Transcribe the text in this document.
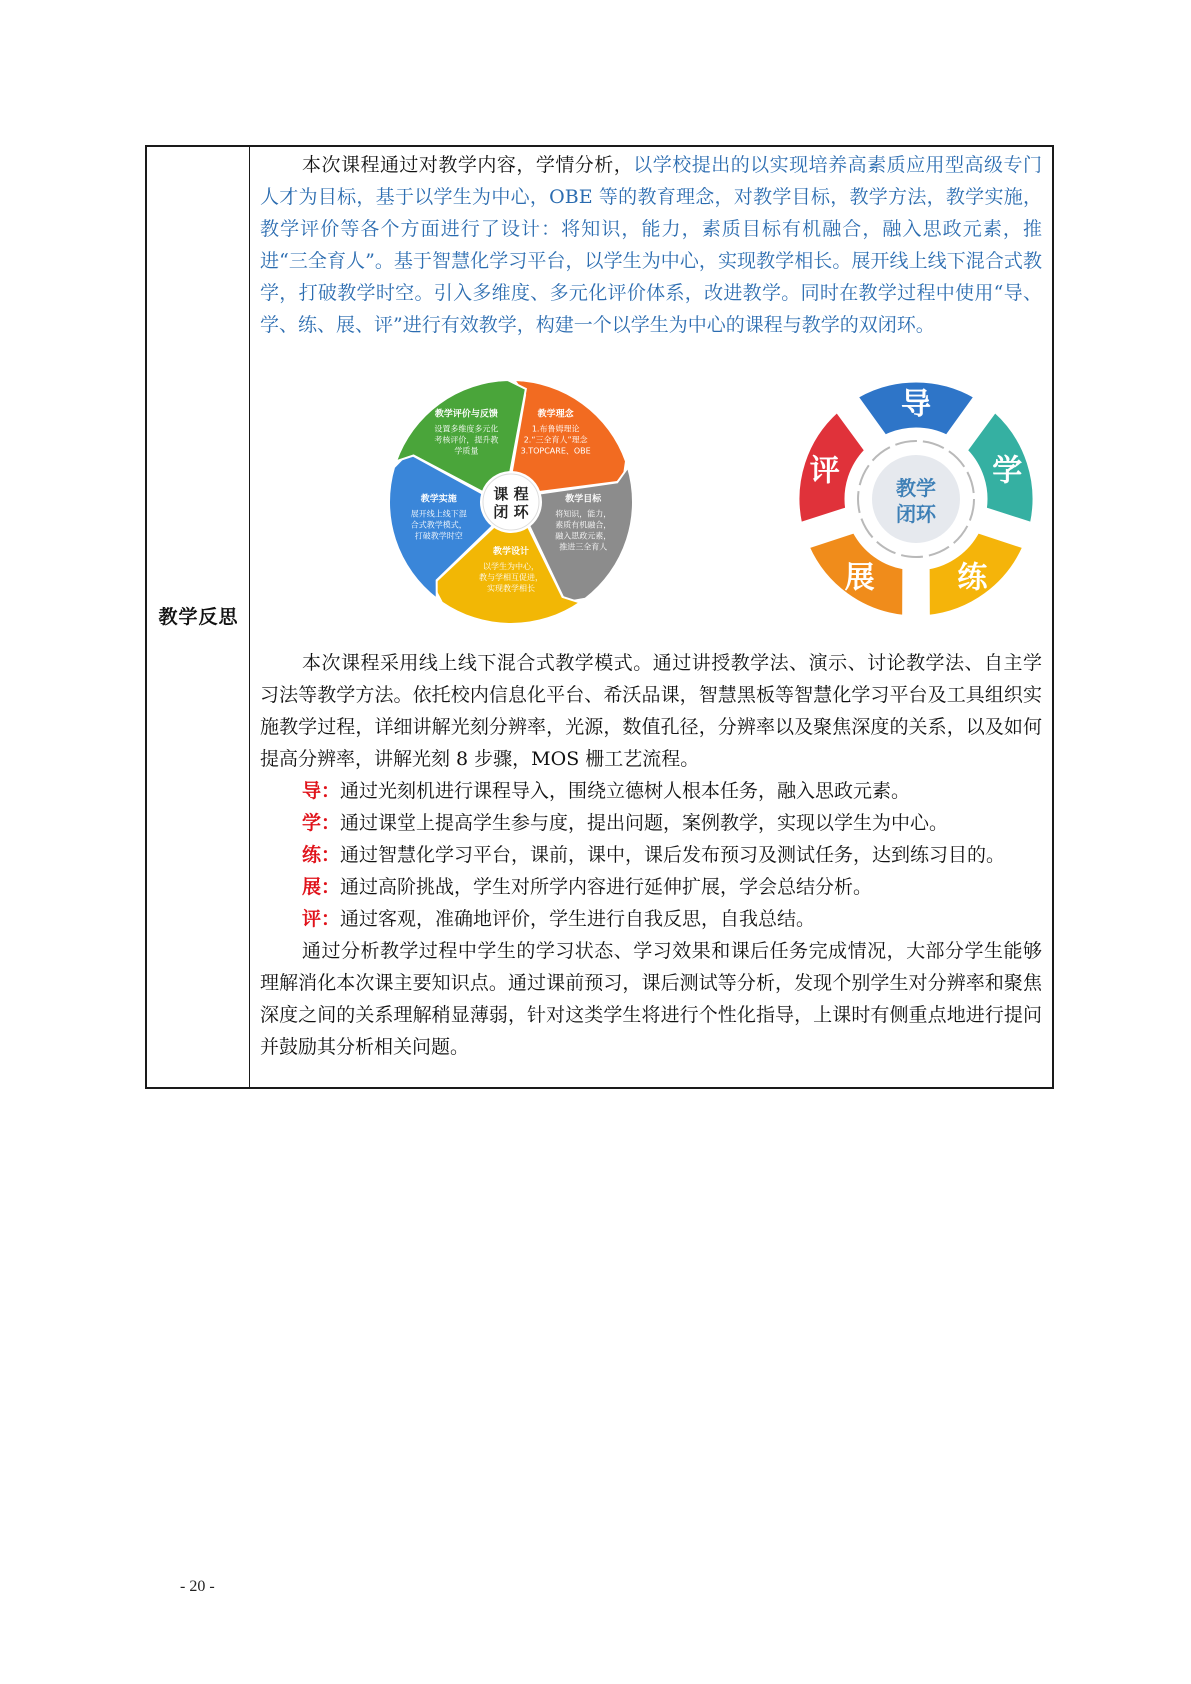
教学反思
本次课程通过对教学内容，学情分析，以学校提出的以实现培养高素质应用型高级专门人才为目标，基于以学生为中心，OBE 等的教育理念，对教学目标，教学方法，教学实施，教学评价等各个方面进行了设计：将知识，能力，素质目标有机融合，融入思政元素，推进“三全育人”。基于智慧化学习平台，以学生为中心，实现教学相长。展开线上线下混合式教学，打破教学时空。引入多维度、多元化评价体系，改进教学。同时在教学过程中使用“导、学、练、展、评”进行有效教学，构建一个以学生为中心的课程与教学的双闭环。
教学理念
1.布鲁姆理论
2.“三全育人”理念
3.TOPCARE、OBE
教学目标
将知识，能力，
素质有机融合，
融入思政元素，
推进三全育人
教学设计
以学生为中心，
教与学相互促进，
实现教学相长
教学实施
展开线上线下混
合式教学模式，
打破教学时空
教学评价与反馈
设置多维度多元化
考核评价，提升教
学质量
课 程
闭 环
导
学
练
展
评	教学
闭环
本次课程采用线上线下混合式教学模式。通过讲授教学法、演示、讨论教学法、自主学习法等教学方法。依托校内信息化平台、希沃品课，智慧黑板等智慧化学习平台及工具组织实施教学过程，详细讲解光刻分辨率，光源，数值孔径，分辨率以及聚焦深度的关系，以及如何提高分辨率，讲解光刻 8 步骤，MOS 栅工艺流程。
导：通过光刻机进行课程导入，围绕立德树人根本任务，融入思政元素。
学：通过课堂上提高学生参与度，提出问题，案例教学，实现以学生为中心。
练：通过智慧化学习平台，课前，课中，课后发布预习及测试任务，达到练习目的。
展：通过高阶挑战，学生对所学内容进行延伸扩展，学会总结分析。
评：通过客观，准确地评价，学生进行自我反思，自我总结。
通过分析教学过程中学生的学习状态、学习效果和课后任务完成情况，大部分学生能够理解消化本次课主要知识点。通过课前预习，课后测试等分析，发现个别学生对分辨率和聚焦深度之间的关系理解稍显薄弱，针对这类学生将进行个性化指导，上课时有侧重点地进行提问并鼓励其分析相关问题。
- 20 -
